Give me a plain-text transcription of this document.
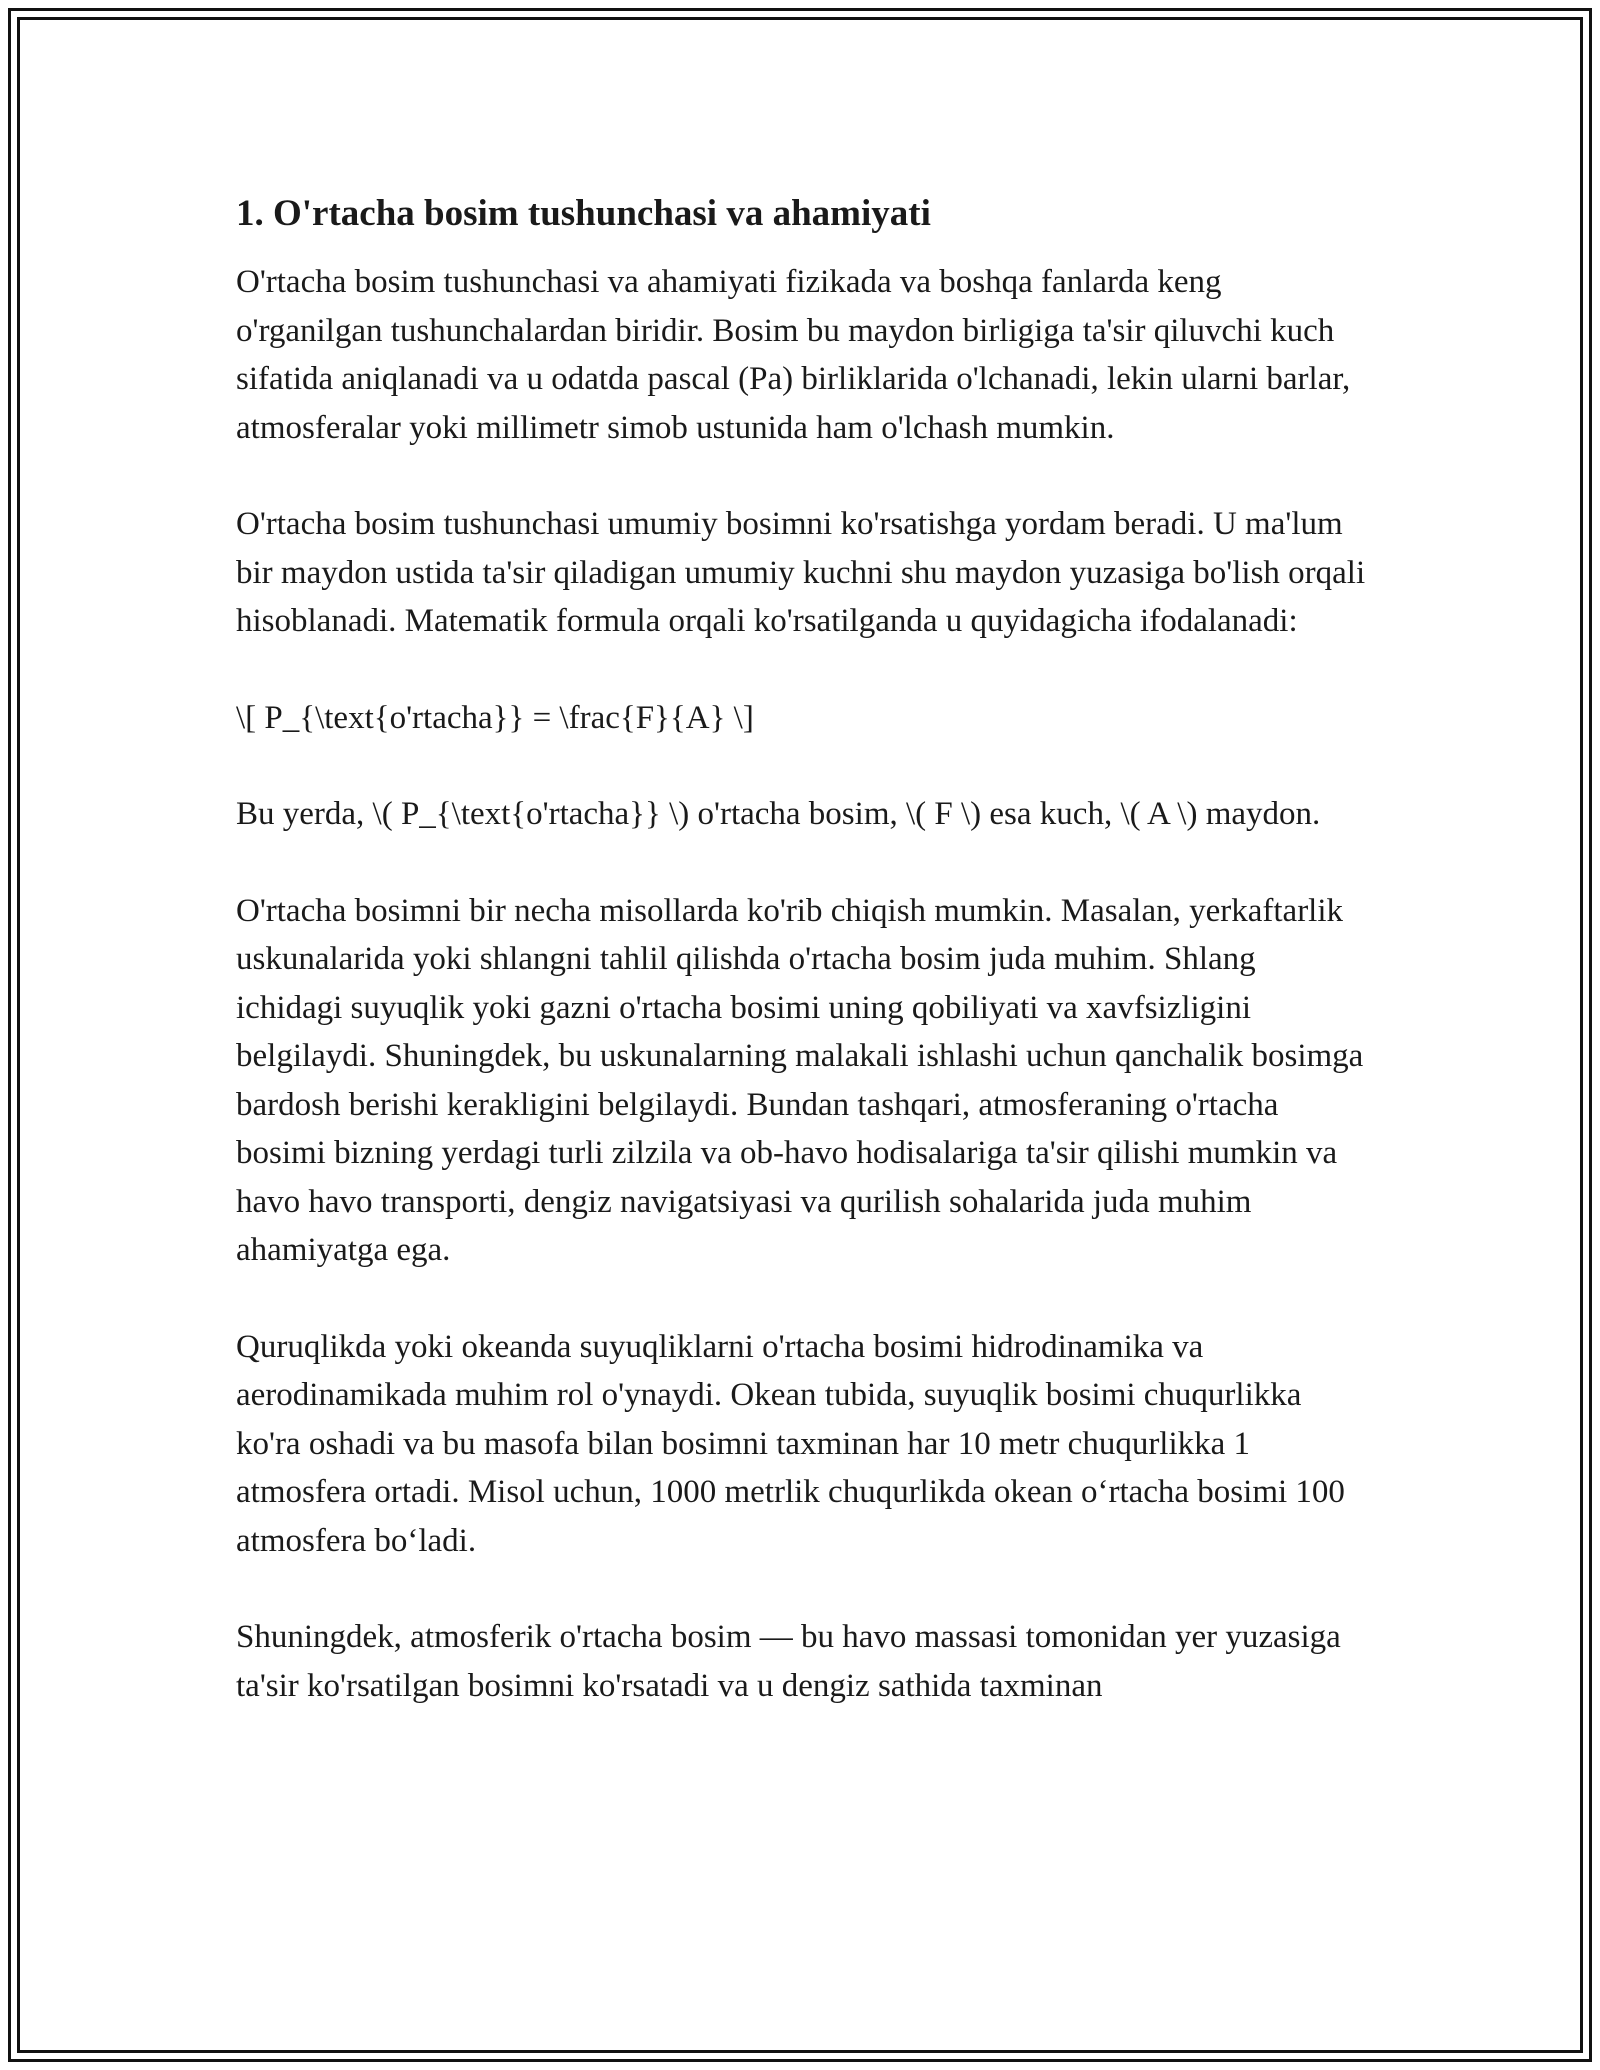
1. O'rtacha bosim tushunchasi va ahamiyati

O'rtacha bosim tushunchasi va ahamiyati fizikada va boshqa fanlarda keng o'rganilgan tushunchalardan biridir. Bosim bu maydon birligiga ta'sir qiluvchi kuch sifatida aniqlanadi va u odatda pascal (Pa) birliklarida o'lchanadi, lekin ularni barlar, atmosferalar yoki millimetr simob ustunida ham o'lchash mumkin.

O'rtacha bosim tushunchasi umumiy bosimni ko'rsatishga yordam beradi. U ma'lum bir maydon ustida ta'sir qiladigan umumiy kuchni shu maydon yuzasiga bo'lish orqali hisoblanadi. Matematik formula orqali ko'rsatilganda u quyidagicha ifodalanadi:

\[ P_{\text{o'rtacha}} = \frac{F}{A} \]

Bu yerda, \( P_{\text{o'rtacha}} \) o'rtacha bosim, \( F \) esa kuch, \( A \) maydon.

O'rtacha bosimni bir necha misollarda ko'rib chiqish mumkin. Masalan, yerkaftarlik uskunalarida yoki shlangni tahlil qilishda o'rtacha bosim juda muhim. Shlang ichidagi suyuqlik yoki gazni o'rtacha bosimi uning qobiliyati va xavfsizligini belgilaydi. Shuningdek, bu uskunalarning malakali ishlashi uchun qanchalik bosimga bardosh berishi kerakligini belgilaydi. Bundan tashqari, atmosferaning o'rtacha bosimi bizning yerdagi turli zilzila va ob-havo hodisalariga ta'sir qilishi mumkin va havo havo transporti, dengiz navigatsiyasi va qurilish sohalarida juda muhim ahamiyatga ega.

Quruqlikda yoki okeanda suyuqliklarni o'rtacha bosimi hidrodinamika va aerodinamikada muhim rol o'ynaydi. Okean tubida, suyuqlik bosimi chuqurlikka ko'ra oshadi va bu masofa bilan bosimni taxminan har 10 metr chuqurlikka 1 atmosfera ortadi. Misol uchun, 1000 metrlik chuqurlikda okean o‘rtacha bosimi 100 atmosfera bo‘ladi.

Shuningdek, atmosferik o'rtacha bosim — bu havo massasi tomonidan yer yuzasiga ta'sir ko'rsatilgan bosimni ko'rsatadi va u dengiz sathida taxminan
